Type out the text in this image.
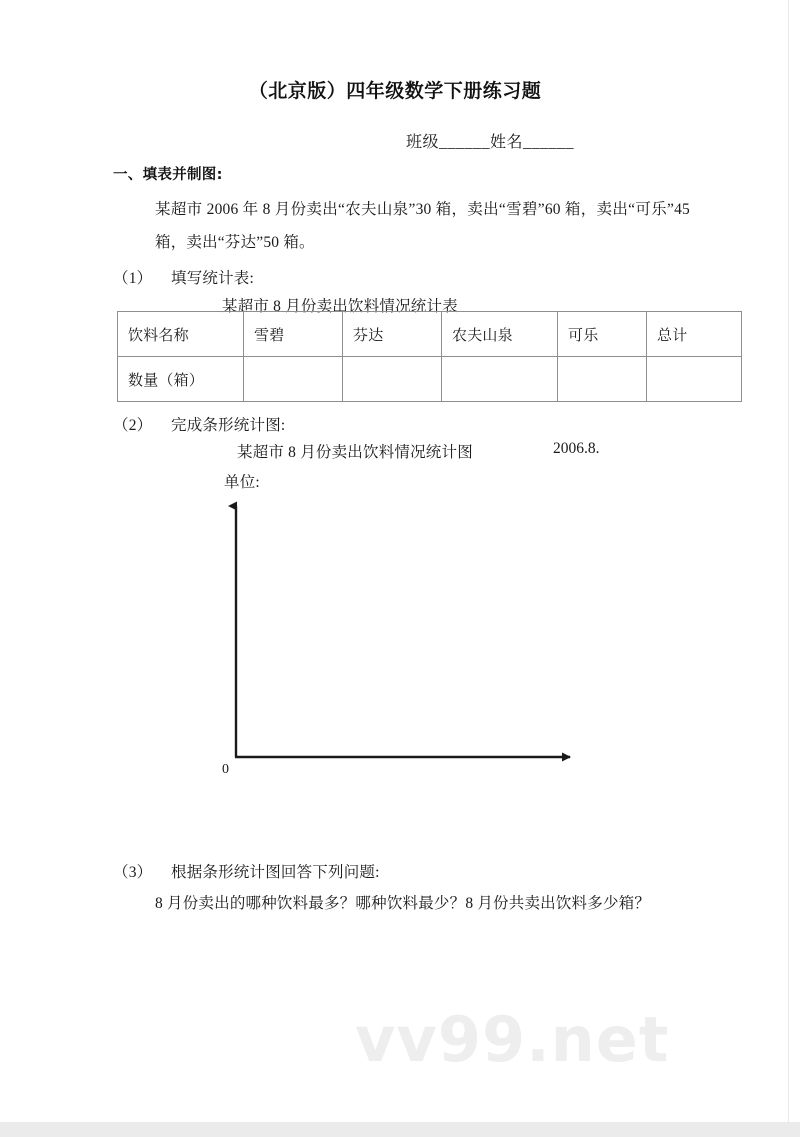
vv99.net
（北京版）四年级数学下册练习题
班级______姓名______
一、填表并制图:
某超市 2006 年 8 月份卖出“农夫山泉”30 箱，卖出“雪碧”60 箱，卖出“可乐”45 箱，卖出“芬达”50 箱。
（1） 填写统计表:
某超市 8 月份卖出饮料情况统计表
饮料名称	雪碧	芬达	农夫山泉	可乐	总计
数量（箱）					
（2） 完成条形统计图:
某超市 8 月份卖出饮料情况统计图	2006.8.
单位:
0
（3） 根据条形统计图回答下列问题:
8 月份卖出的哪种饮料最多？哪种饮料最少？8 月份共卖出饮料多少箱？
